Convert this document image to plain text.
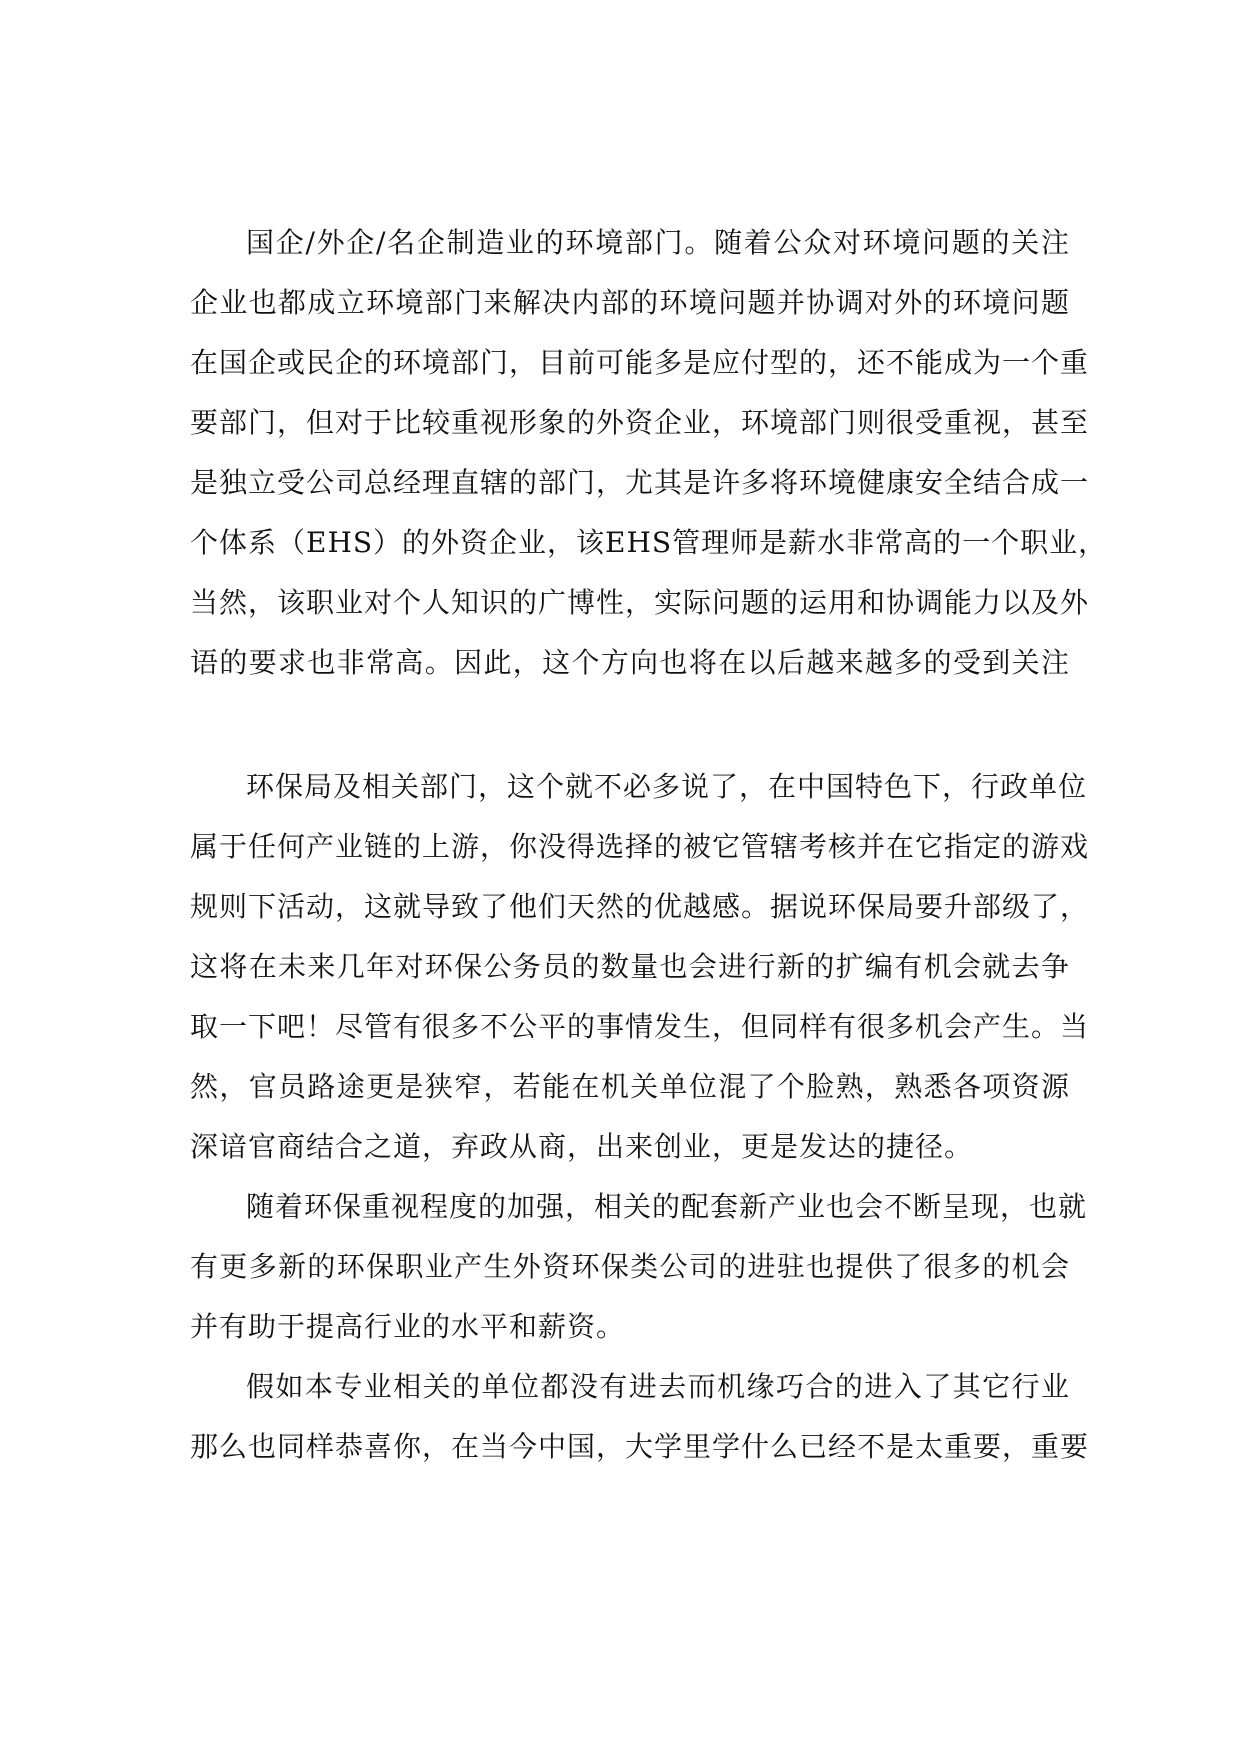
国企/外企/名企制造业的环境部门。随着公众对环境问题的关注
企业也都成立环境部门来解决内部的环境问题并协调对外的环境问题
在国企或民企的环境部门，目前可能多是应付型的，还不能成为一个重
要部门，但对于比较重视形象的外资企业，环境部门则很受重视，甚至
是独立受公司总经理直辖的部门，尤其是许多将环境健康安全结合成一
个体系（EHS）的外资企业，该EHS管理师是薪水非常高的一个职业，
当然，该职业对个人知识的广博性，实际问题的运用和协调能力以及外
语的要求也非常高。因此，这个方向也将在以后越来越多的受到关注
环保局及相关部门，这个就不必多说了，在中国特色下，行政单位
属于任何产业链的上游，你没得选择的被它管辖考核并在它指定的游戏
规则下活动，这就导致了他们天然的优越感。据说环保局要升部级了，
这将在未来几年对环保公务员的数量也会进行新的扩编有机会就去争
取一下吧！尽管有很多不公平的事情发生，但同样有很多机会产生。当
然，官员路途更是狭窄，若能在机关单位混了个脸熟，熟悉各项资源
深谙官商结合之道，弃政从商，出来创业，更是发达的捷径。
随着环保重视程度的加强，相关的配套新产业也会不断呈现，也就
有更多新的环保职业产生外资环保类公司的进驻也提供了很多的机会
并有助于提高行业的水平和薪资。
假如本专业相关的单位都没有进去而机缘巧合的进入了其它行业
那么也同样恭喜你，在当今中国，大学里学什么已经不是太重要，重要
